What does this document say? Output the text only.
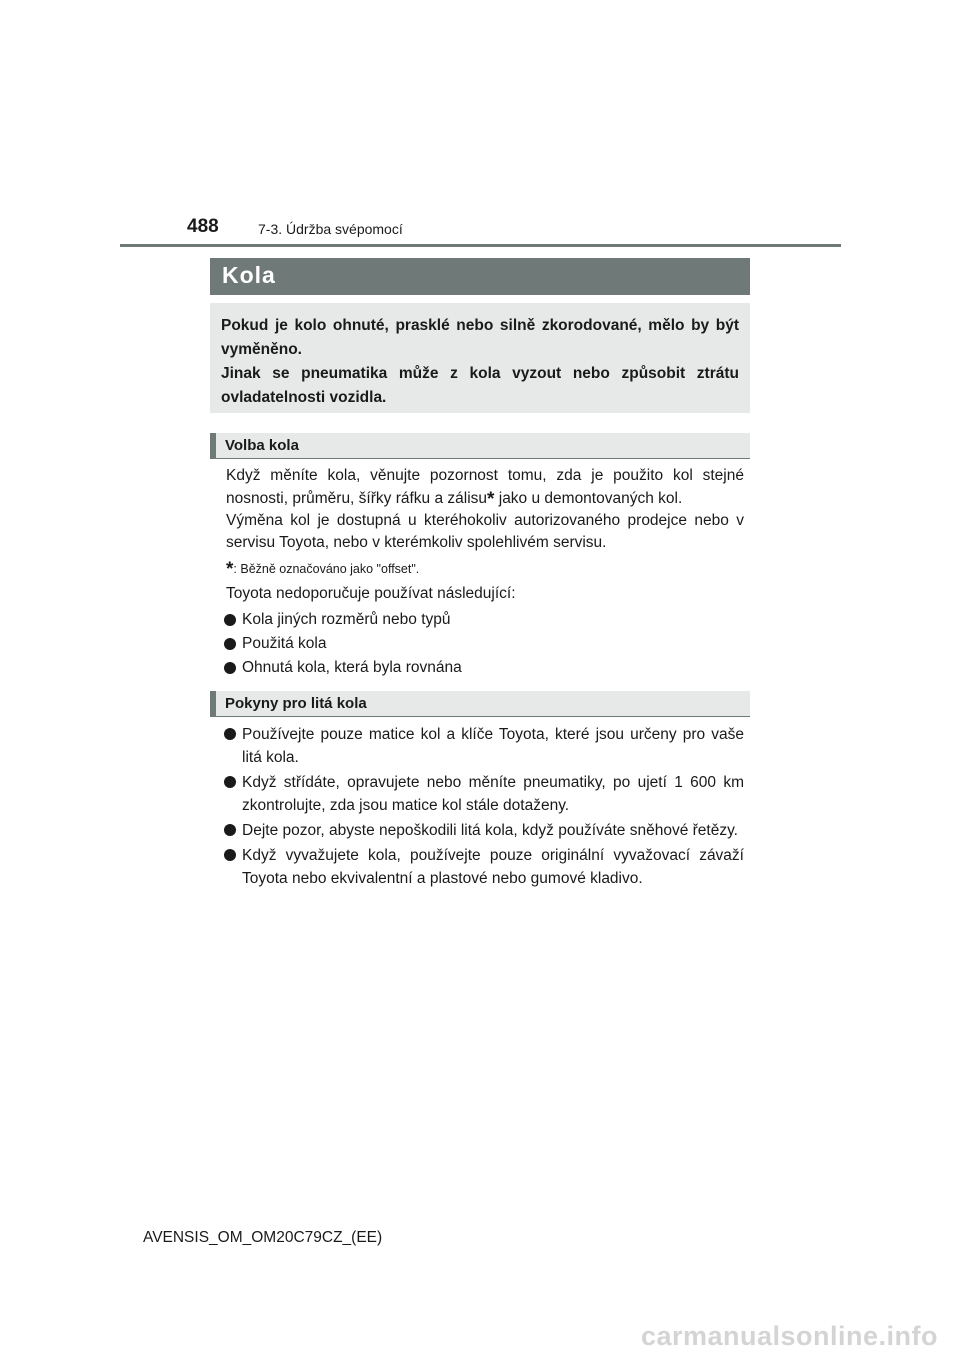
488	7-3. Údržba svépomocí
Kola

Pokud je kolo ohnuté, prasklé nebo silně zkorodované, mělo by být vyměněno.

Jinak se pneumatika může z kola vyzout nebo způsobit ztrátu ovladatelnosti vozidla.

Volba kola

Když měníte kola, věnujte pozornost tomu, zda je použito kol stejné nosnosti, průměru, šířky ráfku a zálisu* jako u demontovaných kol.

Výměna kol je dostupná u kteréhokoliv autorizovaného prodejce nebo v servisu Toyota, nebo v kterémkoliv spolehlivém servisu.

*: Běžně označováno jako "offset".
Toyota nedoporučuje používat následující:
Kola jiných rozměrů nebo typů
Použitá kola
Ohnutá kola, která byla rovnána
Pokyny pro litá kola
Používejte pouze matice kol a klíče Toyota, které jsou určeny pro vaše litá kola.
Když střídáte, opravujete nebo měníte pneumatiky, po ujetí 1 600 km zkontrolujte, zda jsou matice kol stále dotaženy.
Dejte pozor, abyste nepoškodili litá kola, když používáte sněhové řetězy.
Když vyvažujete kola, používejte pouze originální vyvažovací závaží Toyota nebo ekvivalentní a plastové nebo gumové kladivo.
AVENSIS_OM_OM20C79CZ_(EE)
carmanualsonline.info
